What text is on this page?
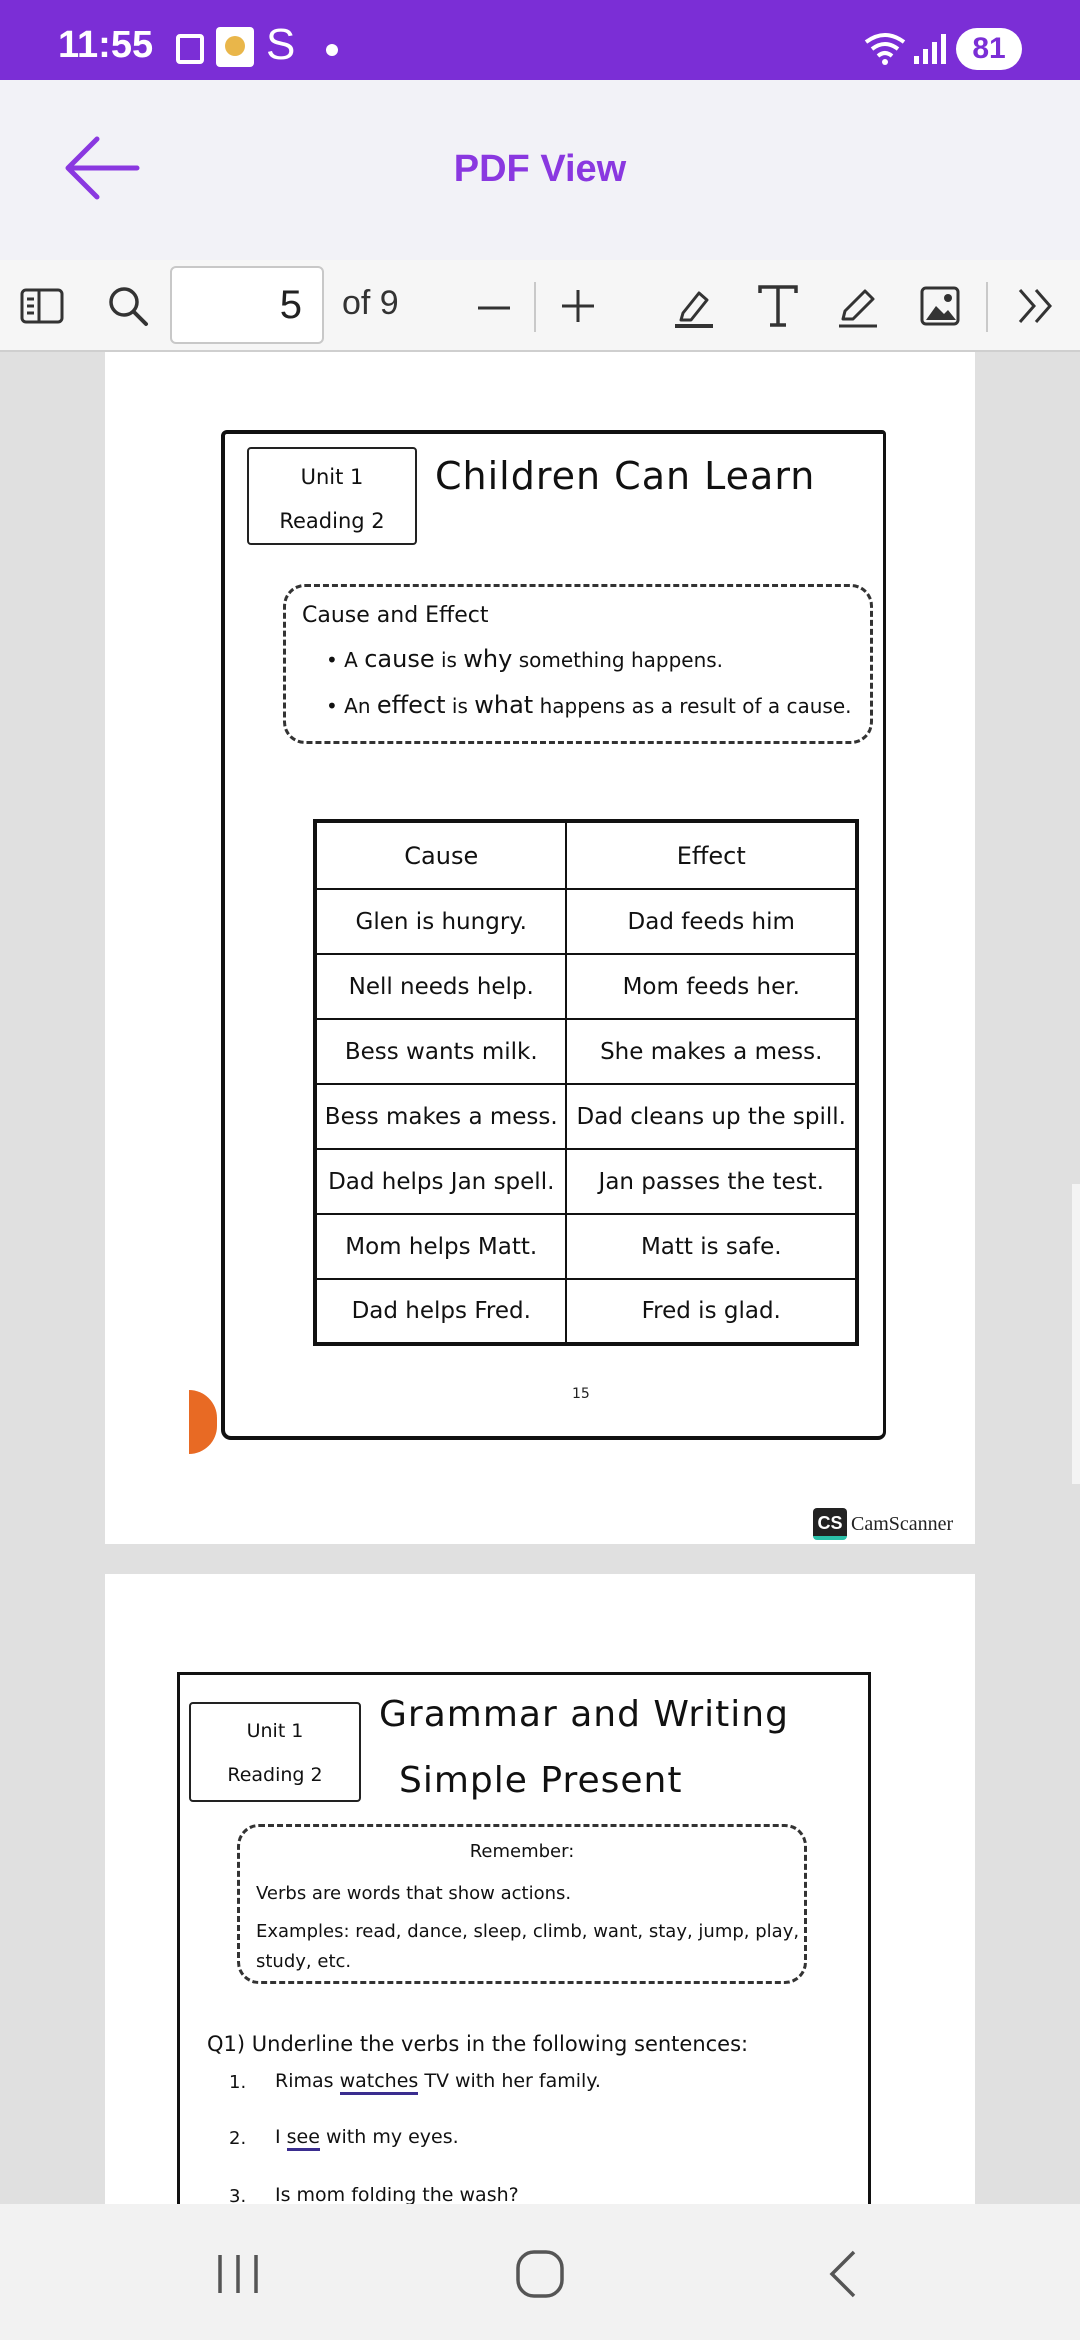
11:55	S	81
PDF View
5	of 9
Unit 1
Reading 2
Children Can Learn
Cause and Effect
• A cause is why something happens.
• An effect is what happens as a result of a cause.
Cause	Effect
Glen is hungry.	Dad feeds him
Nell needs help.	Mom feeds her.
Bess wants milk.	She makes a mess.
Bess makes a mess.	Dad cleans up the spill.
Dad helps Jan spell.	Jan passes the test.
Mom helps Matt.	Matt is safe.
Dad helps Fred.	Fred is glad.
15
CS CamScanner
Unit 1
Reading 2
Grammar and Writing
Simple Present
Remember:
Verbs are words that show actions.
Examples: read, dance, sleep, climb, want, stay, jump, play,
study, etc.
Q1) Underline the verbs in the following sentences:
1. Rimas watches TV with her family.
2. I see with my eyes.
3. Is mom folding the wash?
